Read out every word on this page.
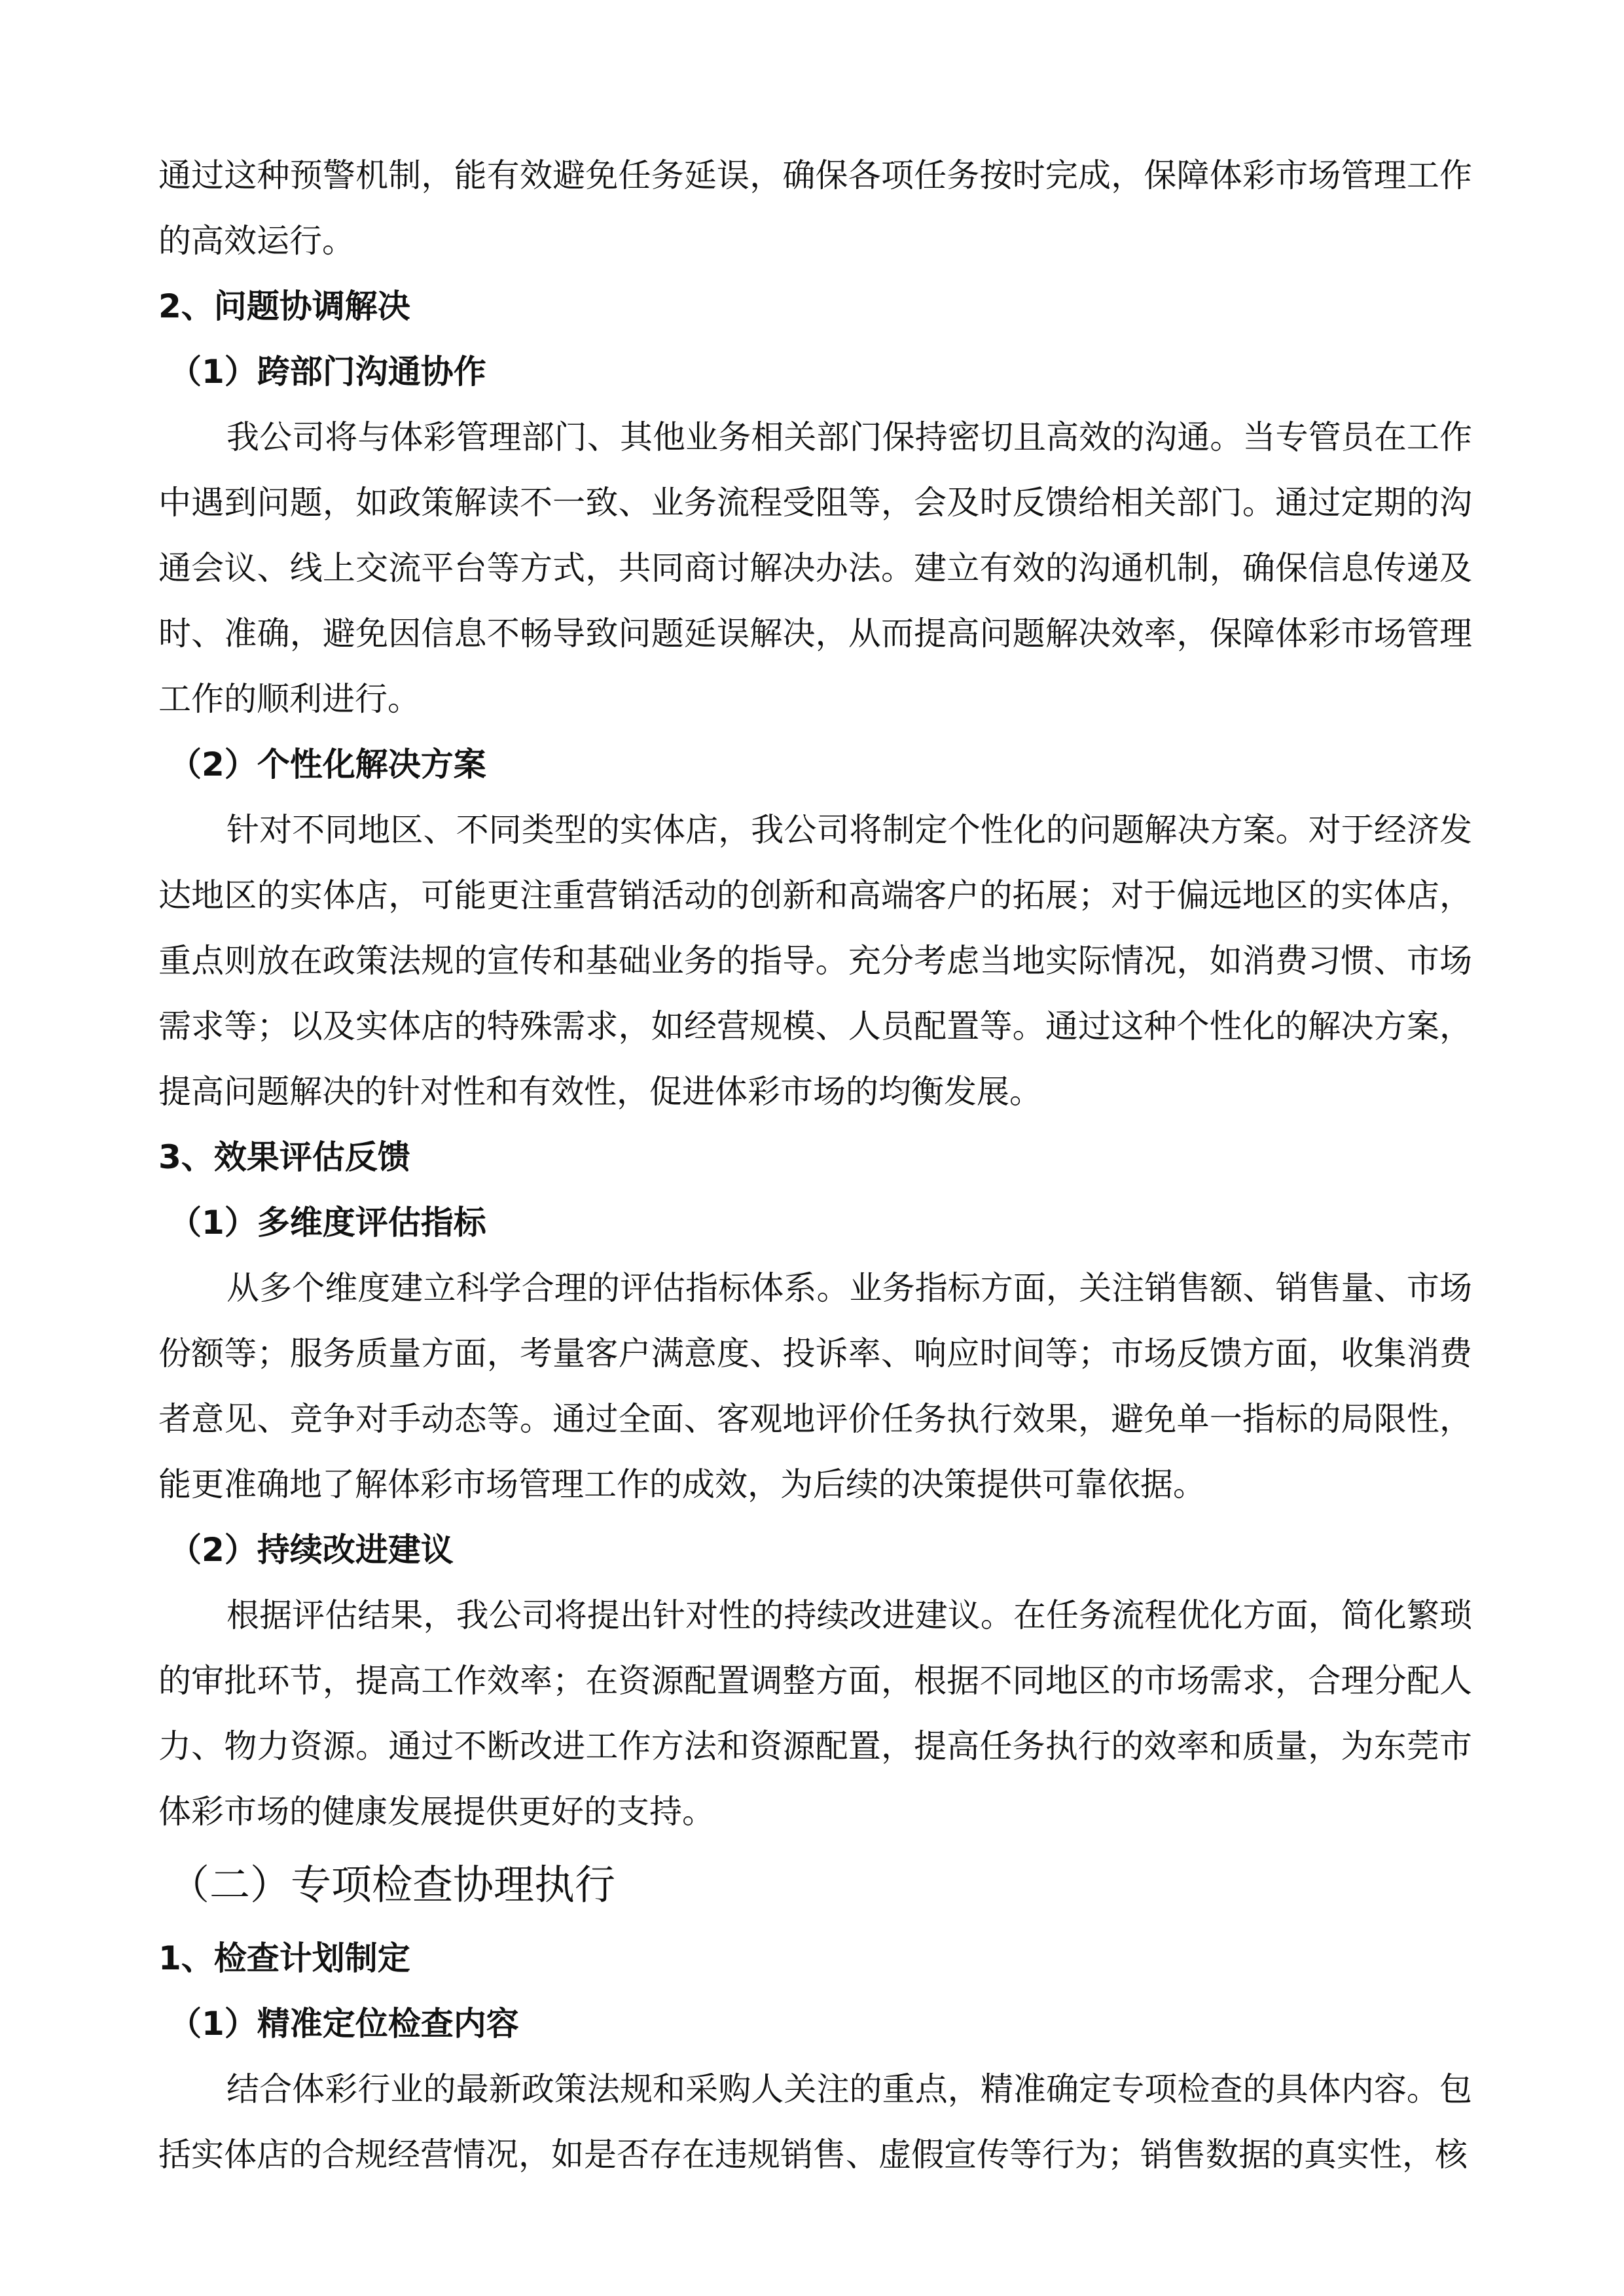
通过这种预警机制，能有效避免任务延误，确保各项任务按时完成，保障体彩市场管理工作的高效运行。

2、问题协调解决

（1）跨部门沟通协作

我公司将与体彩管理部门、其他业务相关部门保持密切且高效的沟通。当专管员在工作中遇到问题，如政策解读不一致、业务流程受阻等，会及时反馈给相关部门。通过定期的沟通会议、线上交流平台等方式，共同商讨解决办法。建立有效的沟通机制，确保信息传递及时、准确，避免因信息不畅导致问题延误解决，从而提高问题解决效率，保障体彩市场管理工作的顺利进行。

（2）个性化解决方案

针对不同地区、不同类型的实体店，我公司将制定个性化的问题解决方案。对于经济发达地区的实体店，可能更注重营销活动的创新和高端客户的拓展；对于偏远地区的实体店，重点则放在政策法规的宣传和基础业务的指导。充分考虑当地实际情况，如消费习惯、市场需求等；以及实体店的特殊需求，如经营规模、人员配置等。通过这种个性化的解决方案，提高问题解决的针对性和有效性，促进体彩市场的均衡发展。

3、效果评估反馈

（1）多维度评估指标

从多个维度建立科学合理的评估指标体系。业务指标方面，关注销售额、销售量、市场份额等；服务质量方面，考量客户满意度、投诉率、响应时间等；市场反馈方面，收集消费者意见、竞争对手动态等。通过全面、客观地评价任务执行效果，避免单一指标的局限性，能更准确地了解体彩市场管理工作的成效，为后续的决策提供可靠依据。

（2）持续改进建议

根据评估结果，我公司将提出针对性的持续改进建议。在任务流程优化方面，简化繁琐的审批环节，提高工作效率；在资源配置调整方面，根据不同地区的市场需求，合理分配人力、物力资源。通过不断改进工作方法和资源配置，提高任务执行的效率和质量，为东莞市体彩市场的健康发展提供更好的支持。

（二）专项检查协理执行

1、检查计划制定

（1）精准定位检查内容

结合体彩行业的最新政策法规和采购人关注的重点，精准确定专项检查的具体内容。包括实体店的合规经营情况，如是否存在违规销售、虚假宣传等行为；销售数据的真实性，核
